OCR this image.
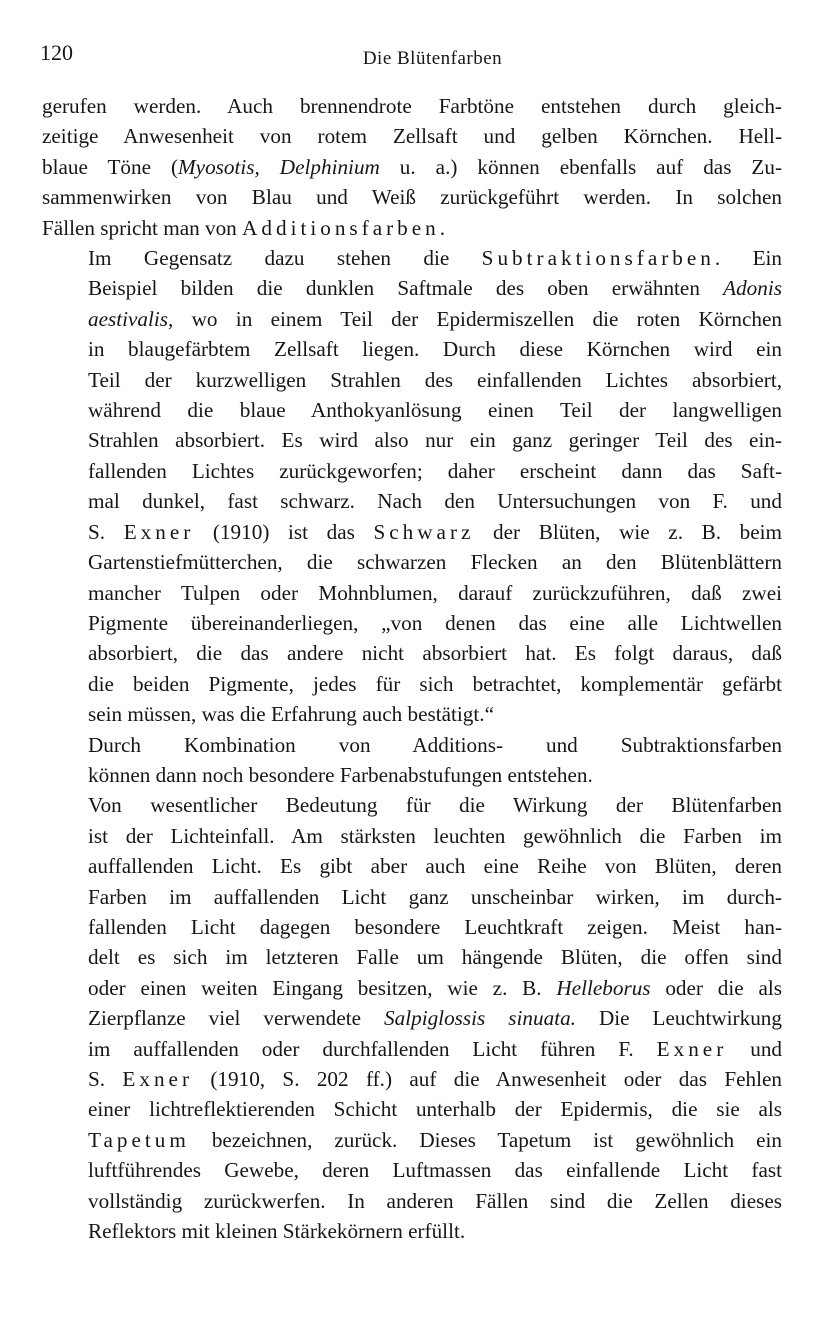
120	Die Blütenfarben
gerufen werden. Auch brennendrote Farbtöne entstehen durch gleich-
zeitige Anwesenheit von rotem Zellsaft und gelben Körnchen. Hell-
blaue Töne (Myosotis, Delphinium u. a.) können ebenfalls auf das Zu-
sammenwirken von Blau und Weiß zurückgeführt werden. In solchen
Fällen spricht man von Additionsfarben.
Im Gegensatz dazu stehen die Subtraktionsfarben. Ein
Beispiel bilden die dunklen Saftmale des oben erwähnten Adonis
aestivalis, wo in einem Teil der Epidermiszellen die roten Körnchen
in blaugefärbtem Zellsaft liegen. Durch diese Körnchen wird ein
Teil der kurzwelligen Strahlen des einfallenden Lichtes absorbiert,
während die blaue Anthokyanlösung einen Teil der langwelligen
Strahlen absorbiert. Es wird also nur ein ganz geringer Teil des ein-
fallenden Lichtes zurückgeworfen; daher erscheint dann das Saft-
mal dunkel, fast schwarz. Nach den Untersuchungen von F. und
S. Exner (1910) ist das Schwarz der Blüten, wie z. B. beim
Gartenstiefmütterchen, die schwarzen Flecken an den Blütenblättern
mancher Tulpen oder Mohnblumen, darauf zurückzuführen, daß zwei
Pigmente übereinanderliegen, „von denen das eine alle Lichtwellen
absorbiert, die das andere nicht absorbiert hat. Es folgt daraus, daß
die beiden Pigmente, jedes für sich betrachtet, komplementär gefärbt
sein müssen, was die Erfahrung auch bestätigt.“
Durch Kombination von Additions- und Subtraktionsfarben
können dann noch besondere Farbenabstufungen entstehen.
Von wesentlicher Bedeutung für die Wirkung der Blütenfarben
ist der Lichteinfall. Am stärksten leuchten gewöhnlich die Farben im
auffallenden Licht. Es gibt aber auch eine Reihe von Blüten, deren
Farben im auffallenden Licht ganz unscheinbar wirken, im durch-
fallenden Licht dagegen besondere Leuchtkraft zeigen. Meist han-
delt es sich im letzteren Falle um hängende Blüten, die offen sind
oder einen weiten Eingang besitzen, wie z. B. Helleborus oder die als
Zierpflanze viel verwendete Salpiglossis sinuata. Die Leuchtwirkung
im auffallenden oder durchfallenden Licht führen F. Exner und
S. Exner (1910, S. 202 ff.) auf die Anwesenheit oder das Fehlen
einer lichtreflektierenden Schicht unterhalb der Epidermis, die sie als
Tapetum bezeichnen, zurück. Dieses Tapetum ist gewöhnlich ein
luftführendes Gewebe, deren Luftmassen das einfallende Licht fast
vollständig zurückwerfen. In anderen Fällen sind die Zellen dieses
Reflektors mit kleinen Stärkekörnern erfüllt.
